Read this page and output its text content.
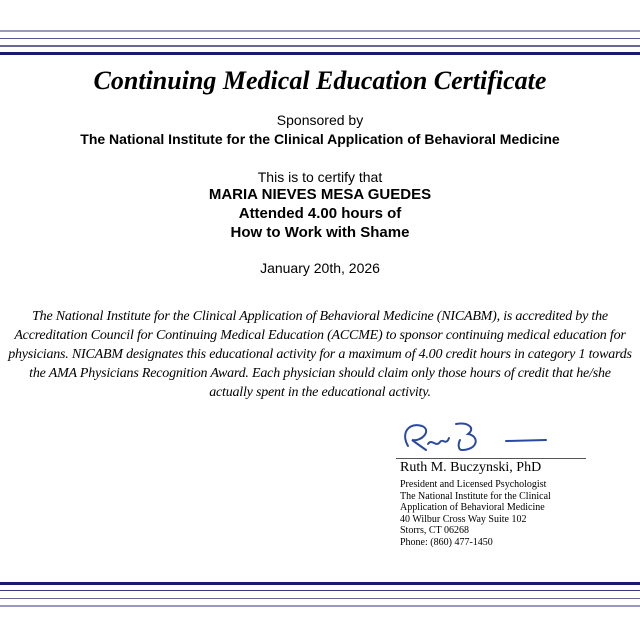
Continuing Medical Education Certificate
Sponsored by
The National Institute for the Clinical Application of Behavioral Medicine
This is to certify that
MARIA NIEVES MESA GUEDES
Attended 4.00 hours of
How to Work with Shame
January 20th, 2026
The National Institute for the Clinical Application of Behavioral Medicine (NICABM), is accredited by the
Accreditation Council for Continuing Medical Education (ACCME) to sponsor continuing medical education for
physicians. NICABM designates this educational activity for a maximum of 4.00 credit hours in category 1 towards
the AMA Physicians Recognition Award. Each physician should claim only those hours of credit that he/she
actually spent in the educational activity.
Ruth M. Buczynski, PhD
President and Licensed Psychologist
The National Institute for the Clinical
Application of Behavioral Medicine
40 Wilbur Cross Way Suite 102
Storrs, CT 06268
Phone: (860) 477-1450
